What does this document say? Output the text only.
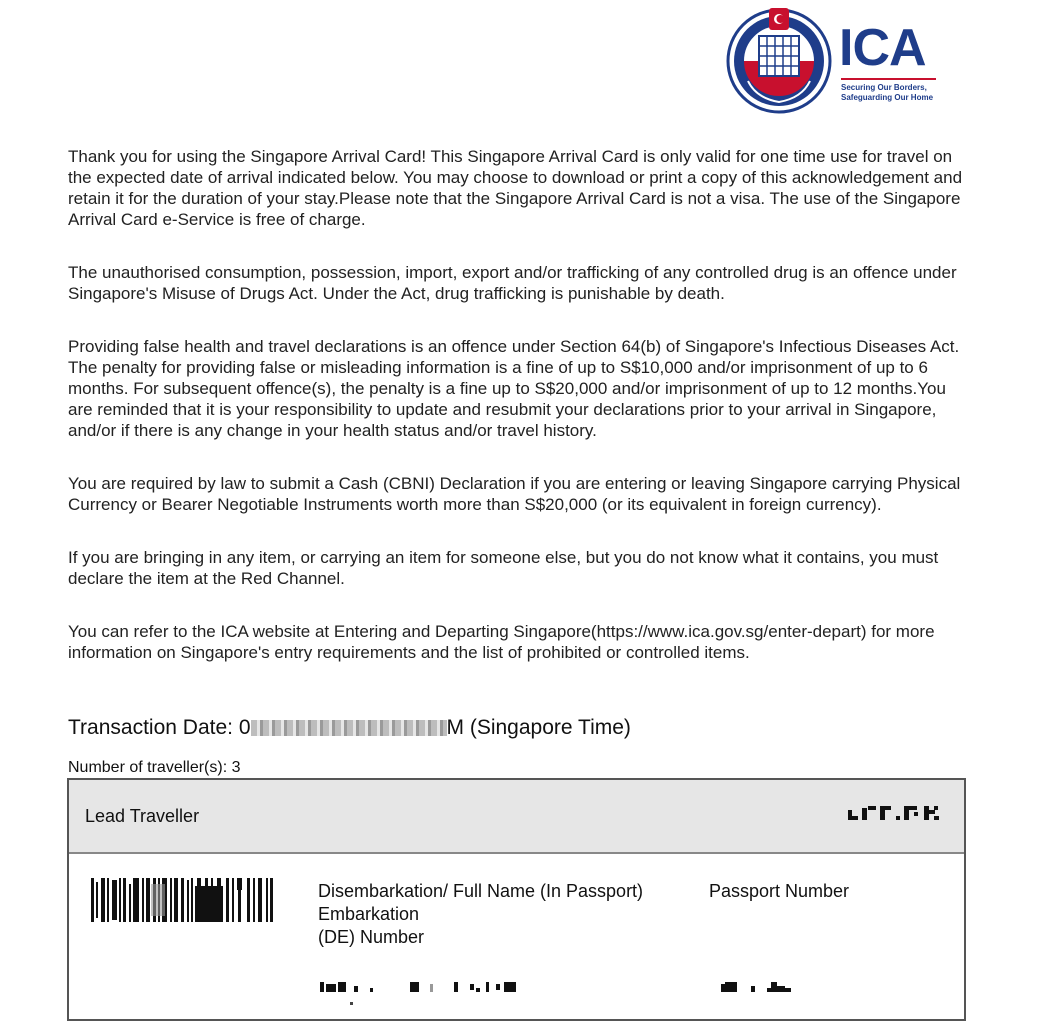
ICA
Securing Our Borders,
Safeguarding Our Home

Thank you for using the Singapore Arrival Card! This Singapore Arrival Card is only valid for one time use for travel on the expected date of arrival indicated below. You may choose to download or print a copy of this acknowledgement and retain it for the duration of your stay.Please note that the Singapore Arrival Card is not a visa. The use of the Singapore Arrival Card e-Service is free of charge.

The unauthorised consumption, possession, import, export and/or trafficking of any controlled drug is an offence under Singapore's Misuse of Drugs Act. Under the Act, drug trafficking is punishable by death.

Providing false health and travel declarations is an offence under Section 64(b) of Singapore's Infectious Diseases Act. The penalty for providing false or misleading information is a fine of up to S$10,000 and/or imprisonment of up to 6 months. For subsequent offence(s), the penalty is a fine up to S$20,000 and/or imprisonment of up to 12 months.You are reminded that it is your responsibility to update and resubmit your declarations prior to your arrival in Singapore, and/or if there is any change in your health status and/or travel history.

You are required by law to submit a Cash (CBNI) Declaration if you are entering or leaving Singapore carrying Physical Currency or Bearer Negotiable Instruments worth more than S$20,000 (or its equivalent in foreign currency).

If you are bringing in any item, or carrying an item for someone else, but you do not know what it contains, you must declare the item at the Red Channel.

You can refer to the ICA website at Entering and Departing Singapore(https://www.ica.gov.sg/enter-depart) for more information on Singapore's entry requirements and the list of prohibited or controlled items.

Transaction Date: 0	M (Singapore Time)
Number of traveller(s): 3
Lead Traveller
Disembarkation/ Embarkation (DE) Number
Full Name (In Passport)	Passport Number
